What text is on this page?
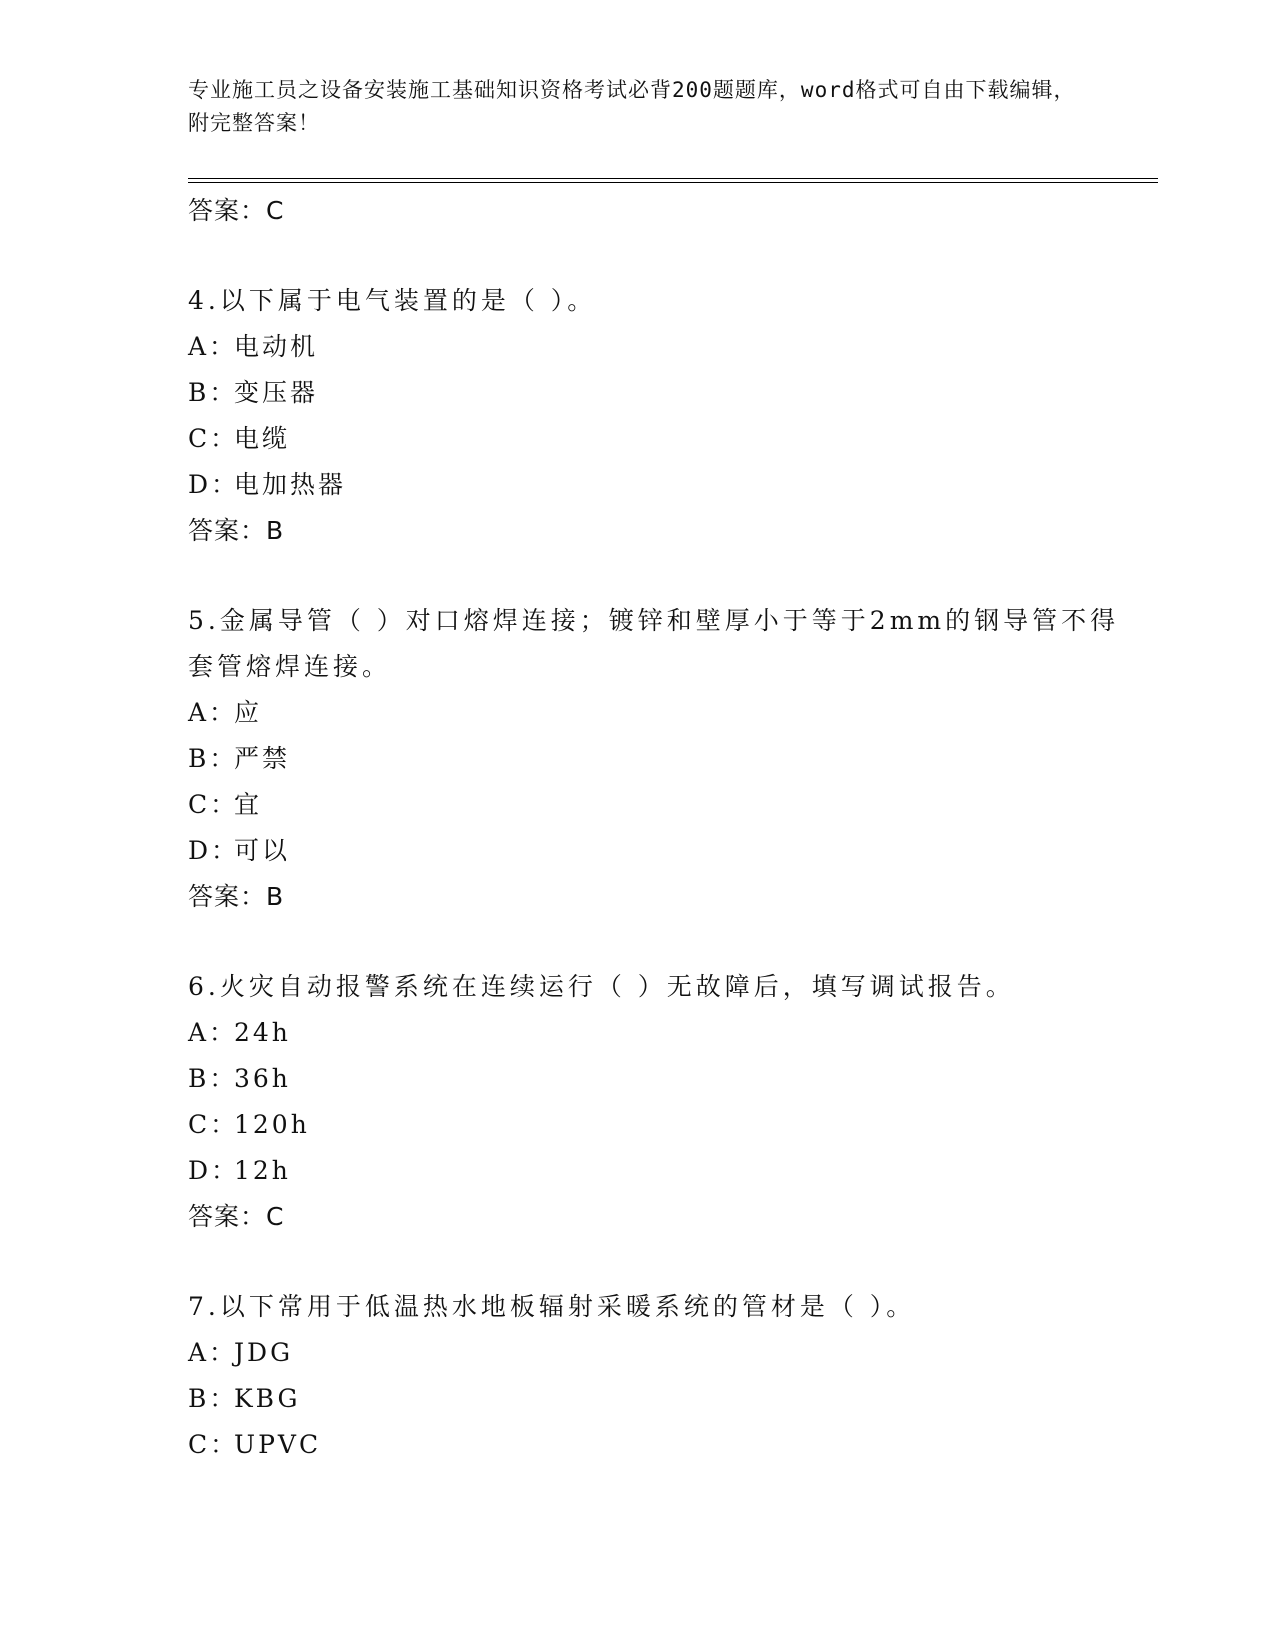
专业施工员之设备安装施工基础知识资格考试必背200题题库，word格式可自由下载编辑，附完整答案！
答案：C
4.以下属于电气装置的是（ ）。
A：电动机
B：变压器
C：电缆
D：电加热器
答案：B
5.金属导管（ ）对口熔焊连接；镀锌和壁厚小于等于2mm的钢导管不得套管熔焊连接。
A：应
B：严禁
C：宜
D：可以
答案：B
6.火灾自动报警系统在连续运行（ ）无故障后，填写调试报告。
A：24h
B：36h
C：120h
D：12h
答案：C
7.以下常用于低温热水地板辐射采暖系统的管材是（ ）。
A：JDG
B：KBG
C：UPVC
